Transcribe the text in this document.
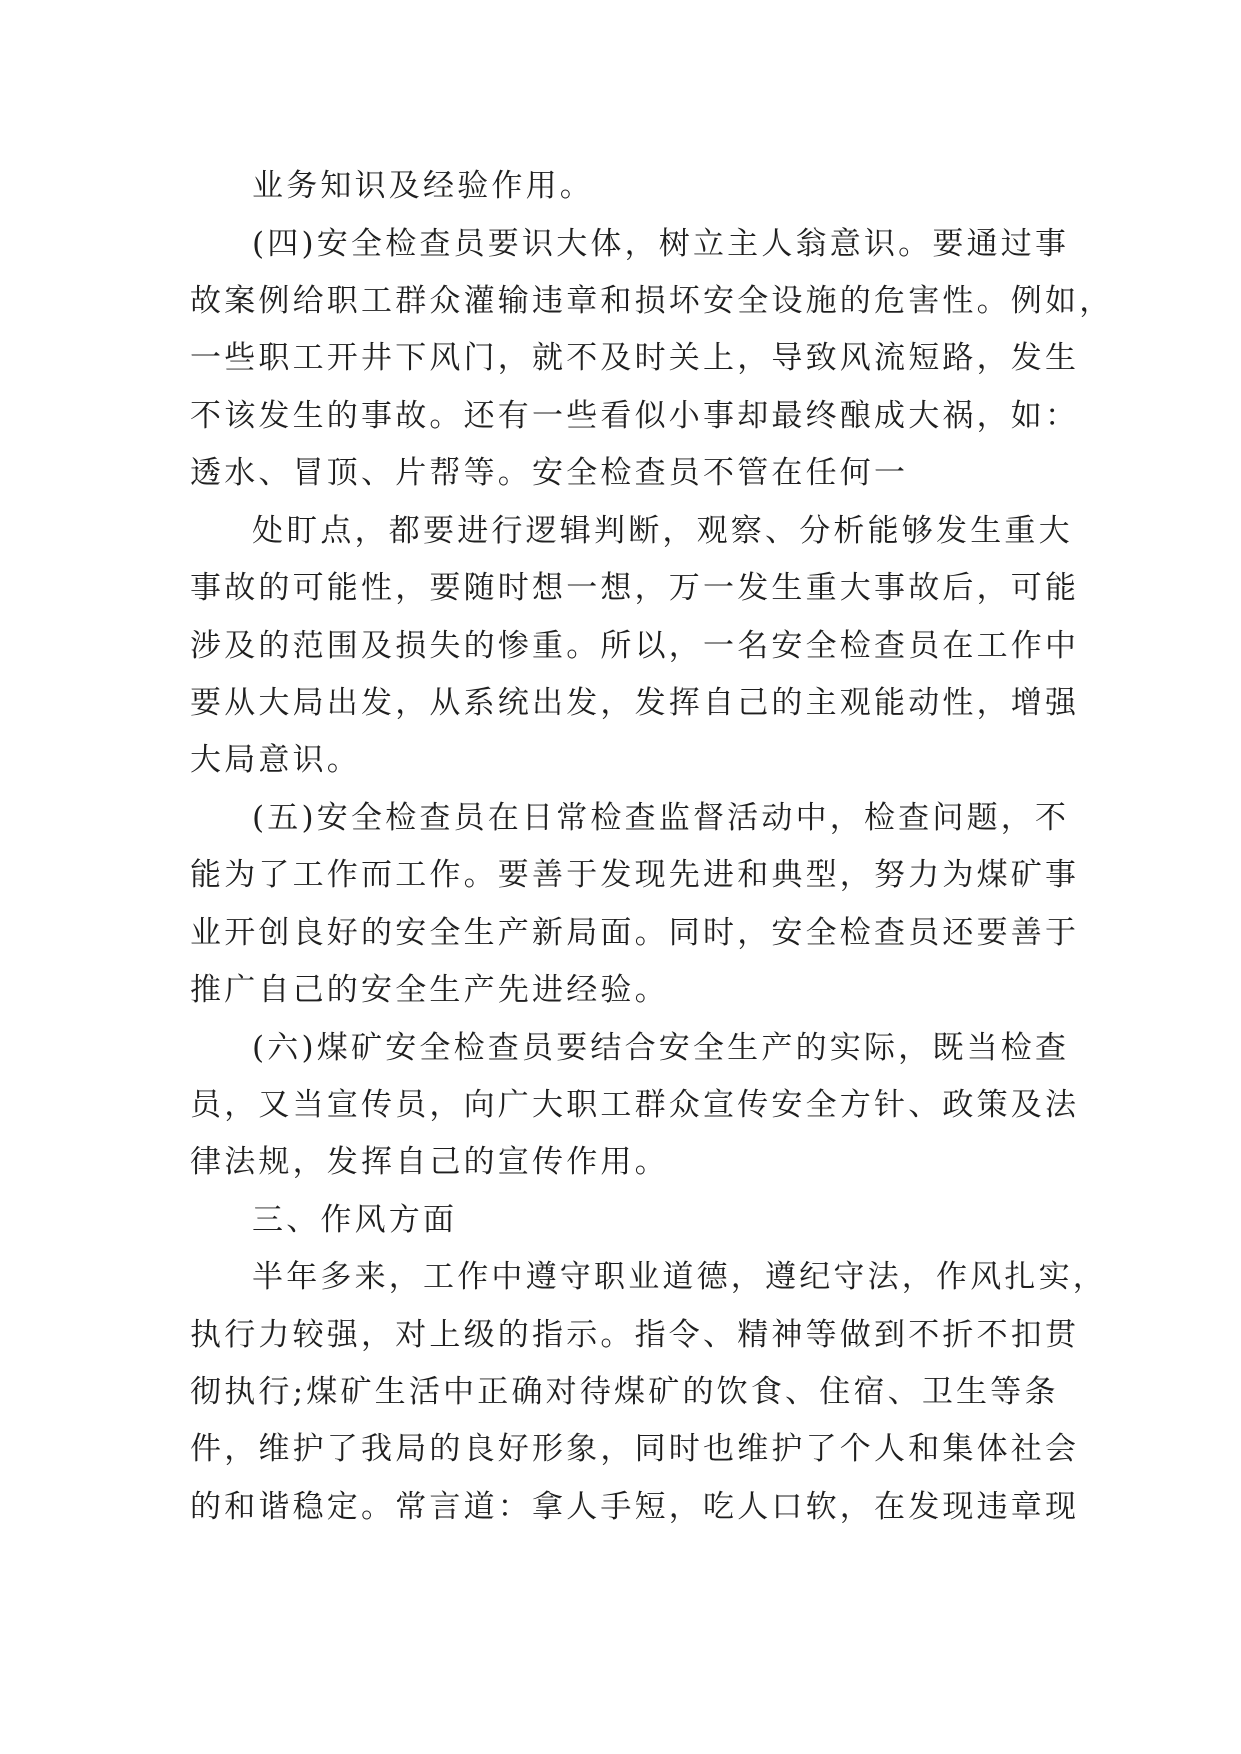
业务知识及经验作用。
(四)安全检查员要识大体，树立主人翁意识。要通过事
故案例给职工群众灌输违章和损坏安全设施的危害性。例如，
一些职工开井下风门，就不及时关上，导致风流短路，发生
不该发生的事故。还有一些看似小事却最终酿成大祸，如：
透水、冒顶、片帮等。安全检查员不管在任何一
处盯点，都要进行逻辑判断，观察、分析能够发生重大
事故的可能性，要随时想一想，万一发生重大事故后，可能
涉及的范围及损失的惨重。所以，一名安全检查员在工作中
要从大局出发，从系统出发，发挥自己的主观能动性，增强
大局意识。
(五)安全检查员在日常检查监督活动中，检查问题，不
能为了工作而工作。要善于发现先进和典型，努力为煤矿事
业开创良好的安全生产新局面。同时，安全检查员还要善于
推广自己的安全生产先进经验。
(六)煤矿安全检查员要结合安全生产的实际，既当检查
员，又当宣传员，向广大职工群众宣传安全方针、政策及法
律法规，发挥自己的宣传作用。
三、作风方面
半年多来，工作中遵守职业道德，遵纪守法，作风扎实，
执行力较强，对上级的指示。指令、精神等做到不折不扣贯
彻执行;煤矿生活中正确对待煤矿的饮食、住宿、卫生等条
件，维护了我局的良好形象，同时也维护了个人和集体社会
的和谐稳定。常言道：拿人手短，吃人口软，在发现违章现
